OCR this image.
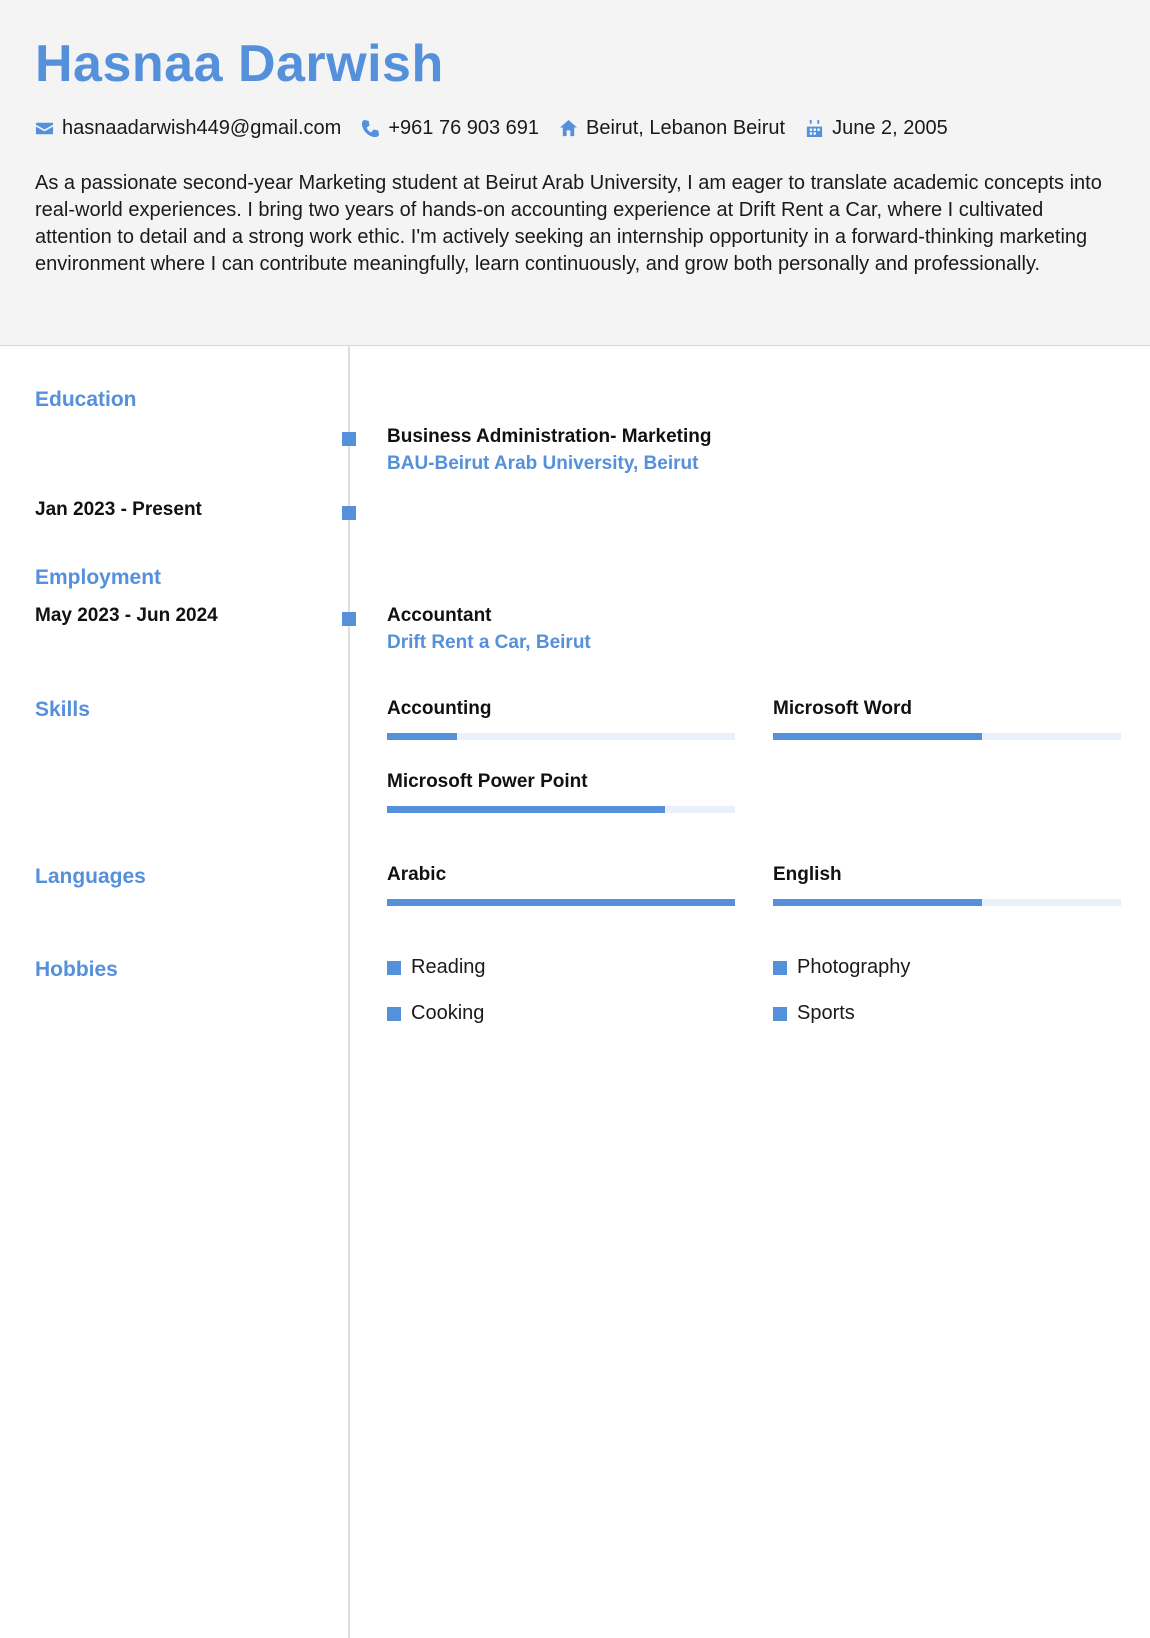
Hasnaa Darwish
hasnaadarwish449@gmail.com +961 76 903 691 Beirut, Lebanon Beirut June 2, 2005
As a passionate second-year Marketing student at Beirut Arab University, I am eager to translate academic concepts into real-world experiences. I bring two years of hands-on accounting experience at Drift Rent a Car, where I cultivated attention to detail and a strong work ethic. I'm actively seeking an internship opportunity in a forward-thinking marketing environment where I can contribute meaningfully, learn continuously, and grow both personally and professionally.
Education
Business Administration- Marketing
BAU-Beirut Arab University, Beirut
Jan 2023 - Present
Employment
May 2023 - Jun 2024	Accountant
Drift Rent a Car, Beirut
Skills	Accounting	Microsoft Word
Microsoft Power Point
Languages	Arabic	English
Hobbies	Reading	Photography
Cooking	Sports
